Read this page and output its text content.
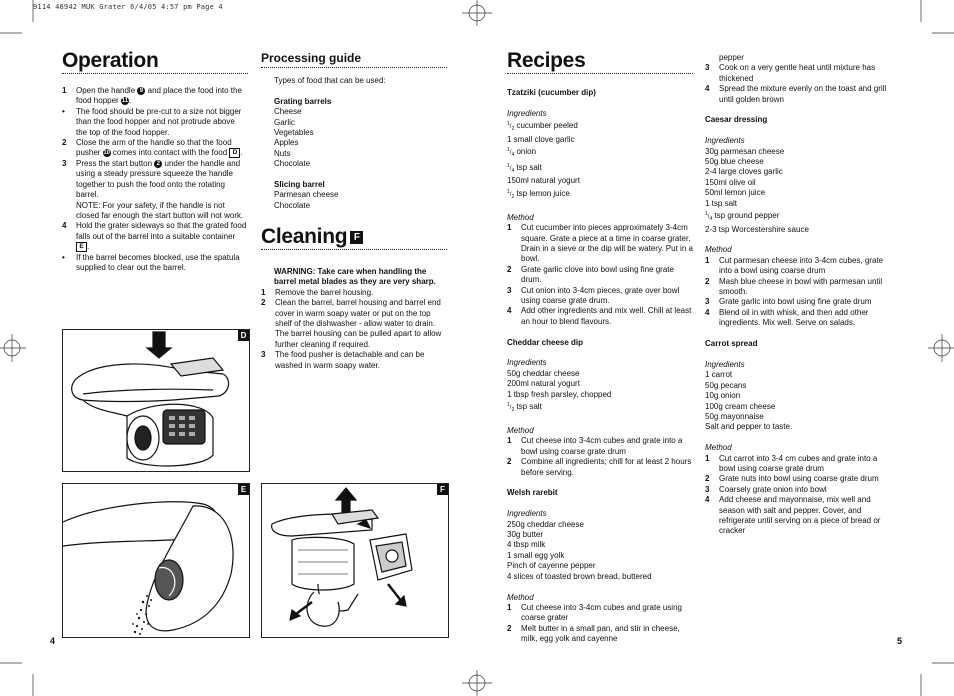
9114 48942 MUK Grater 6/4/05 4:57 pm Page 4
Operation
1	Open the handle 9 and place the food into the food hopper 11.
•	The food should be pre-cut to a size not bigger than the food hopper and not protrude above the top of the food hopper.
2	Close the arm of the handle so that the food pusher 10 comes into contact with the food D .
3	Press the start button 2 under the handle and using a steady pressure squeeze the handle together to push the food onto the rotating barrel.
NOTE: For your safety, if the handle is not closed far enough the start button will not work.
4	Hold the grater sideways so that the grated food falls out of the barrel into a suitable container E .
•	If the barrel becomes blocked, use the spatula supplied to clear out the barrel.
Processing guide

Types of food that can be used:

Grating barrels

Cheese

Garlic

Vegetables

Apples

Nuts

Chocolate

Slicing barrel

Parmesan cheese

Chocolate

Cleaning F

WARNING: Take care when handling the barrel metal blades as they are very sharp.

1	Remove the barrel housing.
2	Clean the barrel, barrel housing and barrel end cover in warm soapy water or put on the top shelf of the dishwasher - allow water to drain. The barrel housing can be pulled apart to allow further cleaning if required.
3	The food pusher is detachable and can be washed in warm soapy water.
D
E	F
4
Recipes

Tzatziki (cucumber dip)

Ingredients

$^1/_2$ cucumber peeled

1 small clove garlic

$^1/_4$ onion

$^1/_4$ tsp salt

150ml natural yogurt

$^1/_2$ tsp lemon juice

Method

1	Cut cucumber into pieces approximately 3-4cm square. Grate a piece at a time in coarse grater. Drain in a sieve or the dip will be watery. Put in a bowl.
2	Grate garlic clove into bowl using fine grate drum.
3	Cut onion into 3-4cm pieces, grate over bowl using coarse grate drum.
4	Add other ingredients and mix well. Chill at least an hour to blend flavours.

Cheddar cheese dip

Ingredients

50g cheddar cheese

200ml natural yogurt

1 tbsp fresh parsley, chopped

$^1/_2$ tsp salt

Method

1	Cut cheese into 3-4cm cubes and grate into a bowl using coarse grate drum
2	Combine all ingredients; chill for at least 2 hours before serving.

Welsh rarebit

Ingredients

250g cheddar cheese

30g butter

4 tbsp milk

1 small egg yolk

Pinch of cayenne pepper

4 slices of toasted brown bread, buttered

Method

1	Cut cheese into 3-4cm cubes and grate using coarse grater
2	Melt butter in a small pan, and stir in cheese, milk, egg yolk and cayenne
pepper
3	Cook on a very gentle heat until mixture has thickened
4	Spread the mixture evenly on the toast and grill until golden brown

Caesar dressing

Ingredients

30g parmesan cheese

50g blue cheese

2-4 large cloves garlic

150ml olive oil

50ml lemon juice

1 tsp salt

$^1/_4$ tsp ground pepper

2-3 tsp Worcestershire sauce

Method

1	Cut parmesan cheese into 3-4cm cubes, grate into a bowl using coarse drum
2	Mash blue cheese in bowl with parmesan until smooth.
3	Grate garlic into bowl using fine grate drum
4	Blend oil in with whisk, and then add other ingredients. Mix well. Serve on salads.

Carrot spread

Ingredients

1 carrot

50g pecans

10g onion

100g cream cheese

50g mayonnaise

Salt and pepper to taste.

Method

1	Cut carrot into 3-4 cm cubes and grate into a bowl using coarse grate drum
2	Grate nuts into bowl using coarse grate drum
3	Coarsely grate onion into bowl
4	Add cheese and mayonnaise, mix well and season with salt and pepper. Cover, and refrigerate until serving on a piece of bread or cracker
5
